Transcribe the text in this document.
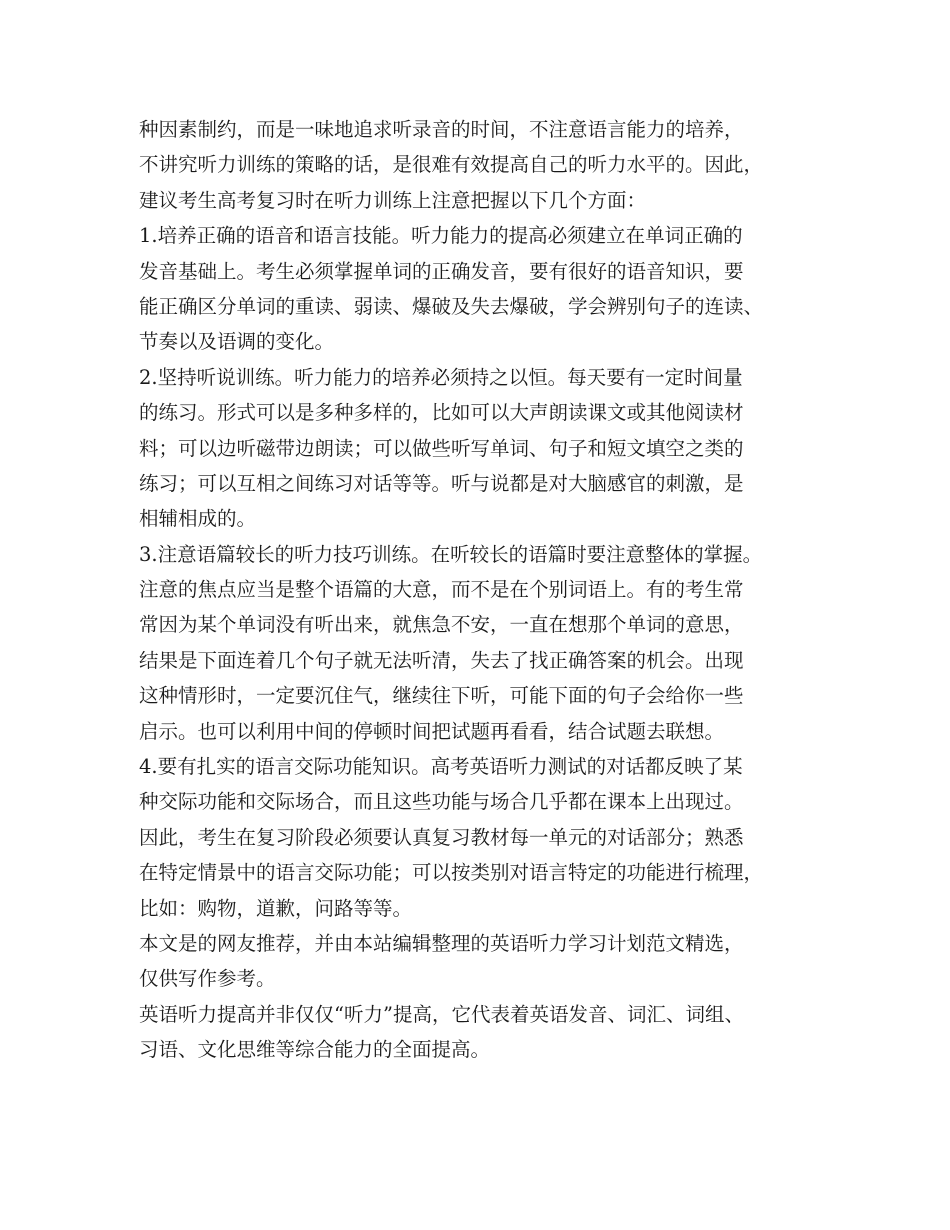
种因素制约，而是一味地追求听录音的时间，不注意语言能力的培养，
不讲究听力训练的策略的话，是很难有效提高自己的听力水平的。因此，
建议考生高考复习时在听力训练上注意把握以下几个方面：
1.培养正确的语音和语言技能。听力能力的提高必须建立在单词正确的
发音基础上。考生必须掌握单词的正确发音，要有很好的语音知识，要
能正确区分单词的重读、弱读、爆破及失去爆破，学会辨别句子的连读、
节奏以及语调的变化。
2.坚持听说训练。听力能力的培养必须持之以恒。每天要有一定时间量
的练习。形式可以是多种多样的，比如可以大声朗读课文或其他阅读材
料；可以边听磁带边朗读；可以做些听写单词、句子和短文填空之类的
练习；可以互相之间练习对话等等。听与说都是对大脑感官的刺激，是
相辅相成的。
3.注意语篇较长的听力技巧训练。在听较长的语篇时要注意整体的掌握。
注意的焦点应当是整个语篇的大意，而不是在个别词语上。有的考生常
常因为某个单词没有听出来，就焦急不安，一直在想那个单词的意思，
结果是下面连着几个句子就无法听清，失去了找正确答案的机会。出现
这种情形时，一定要沉住气，继续往下听，可能下面的句子会给你一些
启示。也可以利用中间的停顿时间把试题再看看，结合试题去联想。
4.要有扎实的语言交际功能知识。高考英语听力测试的对话都反映了某
种交际功能和交际场合，而且这些功能与场合几乎都在课本上出现过。
因此，考生在复习阶段必须要认真复习教材每一单元的对话部分；熟悉
在特定情景中的语言交际功能；可以按类别对语言特定的功能进行梳理，
比如：购物，道歉，问路等等。
本文是的网友推荐，并由本站编辑整理的英语听力学习计划范文精选，
仅供写作参考。
英语听力提高并非仅仅“听力”提高，它代表着英语发音、词汇、词组、
习语、文化思维等综合能力的全面提高。
